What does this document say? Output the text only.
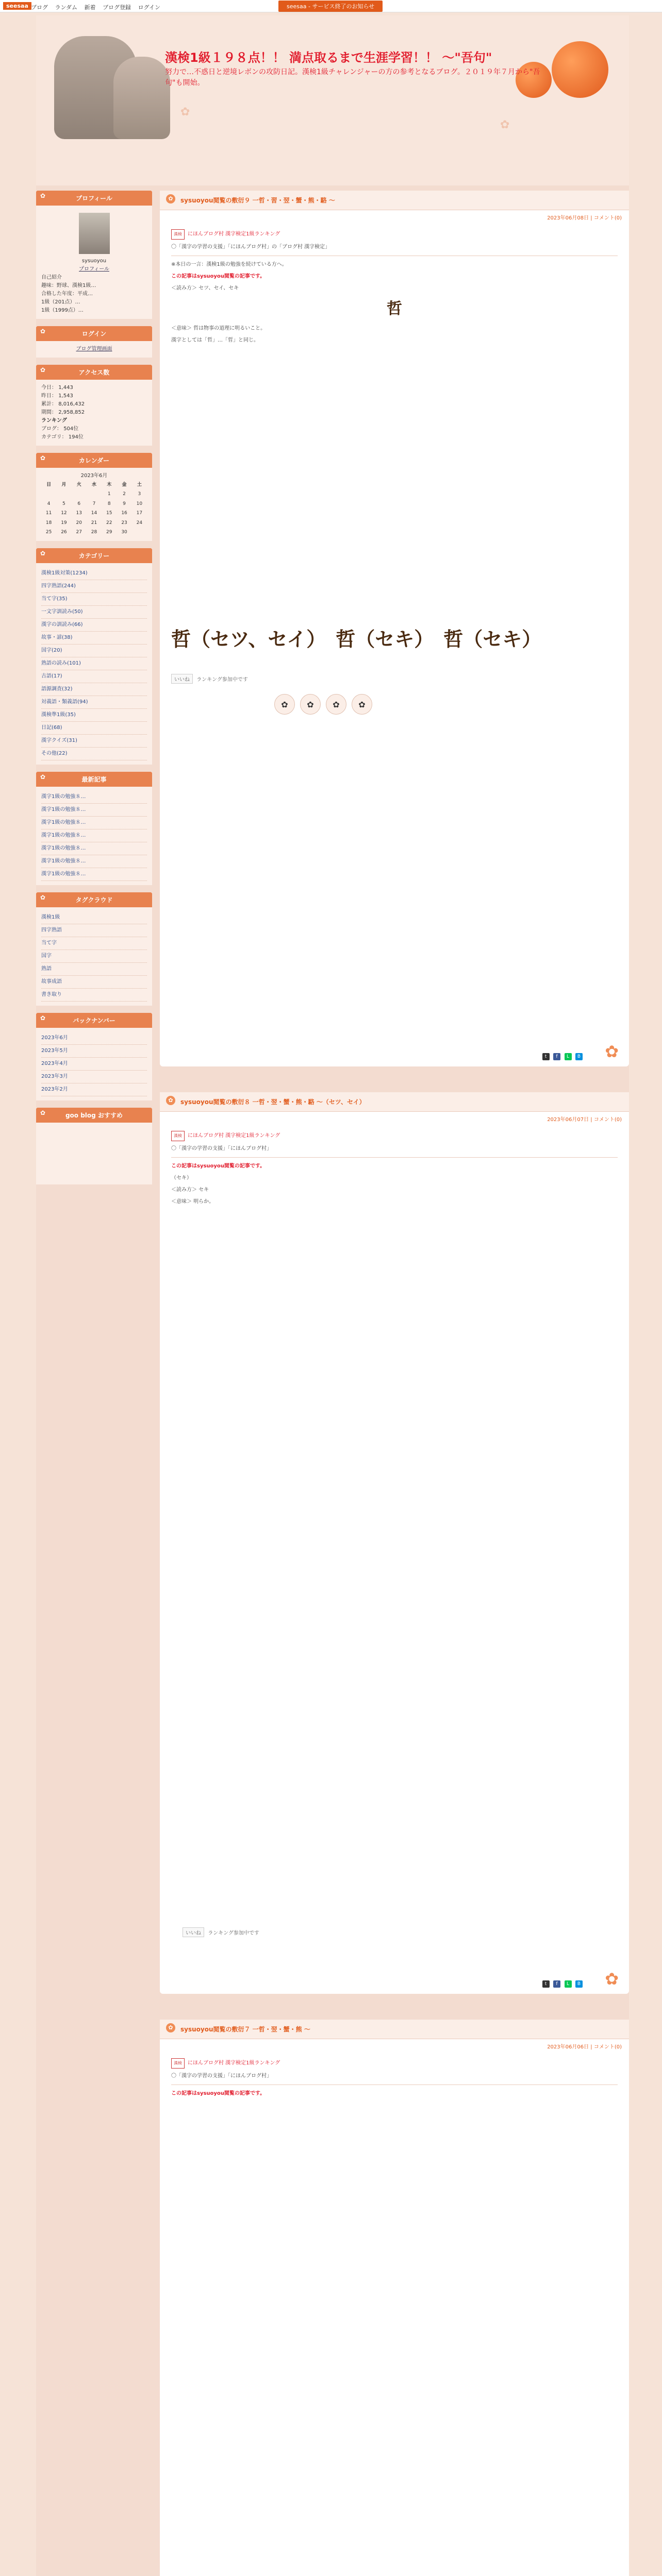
seesaa ブログ ランダム 新着 ブログ登録 ログイン	seesaa - サービス終了のお知らせ
✿
✿
漢検1級１９８点！！ 満点取るまで生涯学習！！ ～"吾句"
努力で…不惑日と逆境レボンの攻防日記。漢検1級チャレンジャーの方の参考となるブログ。２０１９年７月から"吾句"も開始。
✿	プロフィール
sysuoyou
プロフィール
自己紹介
趣味：野球、漢検1級…
合格した年度：平成…
1級（201点）…
1級（1999点）…
✿	ログイン
ブログ管理画面
✿	アクセス数
今日： 1,443
昨日： 1,543
累計： 8,016,432
期間： 2,958,852
ランキング
ブログ： 504位
カテゴリ： 194位
✿	カレンダー
2023年6月
日	月	火	水	木	金	土
				1	2	3
4	5	6	7	8	9	10
11	12	13	14	15	16	17
18	19	20	21	22	23	24
25	26	27	28	29	30	
✿	カテゴリー
漢検1級対策(1234)
四字熟語(244)
当て字(35)
一文字訓読み(50)
漢字の訓読み(66)
故事・諺(38)
国字(20)
熟語の読み(101)
古語(17)
語源調査(32)
対義語・類義語(94)
漢検準1級(35)
日記(68)
漢字クイズ(31)
その他(22)
✿	最新記事
漢字1級の勉強８…
漢字1級の勉強８…
漢字1級の勉強８…
漢字1級の勉強８…
漢字1級の勉強８…
漢字1級の勉強８…
漢字1級の勉強８…
✿	タグクラウド
漢検1級
四字熟語
当て字
国字
熟語
故事成語
書き取り
✿	バックナンバー
2023年6月
2023年5月
2023年4月
2023年3月
2023年2月
✿	goo blog おすすめ
✿	sysuoyou閲覧の敷衍９ 一哲・習・翌・蟹・熊・駱 ～
2023年06月08日 | コメント(0)

漢検 にほんブログ村 漢字検定1級ランキング

〇「漢字の学習の支援」「にほんブログ村」の「ブログ村 漢字検定」

※本日の一言：漢検1級の勉強を続けている方へ。

この記事はsysuoyou閲覧の記事です。

＜読み方＞ セツ、セイ、セキ

哲

＜意味＞ 哲は物事の道理に明るいこと。

漢字としては「哲」…「晢」と同じ。

哲（セツ、セイ）　哲（セキ）　哲（セキ）
いいね ランキング参加中です
✿	✿	✿	✿
t f L B ✿
✿	sysuoyou閲覧の敷衍８ 一哲・翌・蟹・熊・駱 ～（セツ、セイ）
2023年06月07日 | コメント(0)

漢検 にほんブログ村 漢字検定1級ランキング

〇「漢字の学習の支援」「にほんブログ村」

この記事はsysuoyou閲覧の記事です。

（セキ）

＜読み方＞ セキ

＜意味＞ 明らか。

いいね ランキング参加中です
t f L B ✿
✿	sysuoyou閲覧の敷衍７ 一哲・翌・蟹・熊 ～
2023年06月06日 | コメント(0)

漢検 にほんブログ村 漢字検定1級ランキング

〇「漢字の学習の支援」「にほんブログ村」

この記事はsysuoyou閲覧の記事です。
